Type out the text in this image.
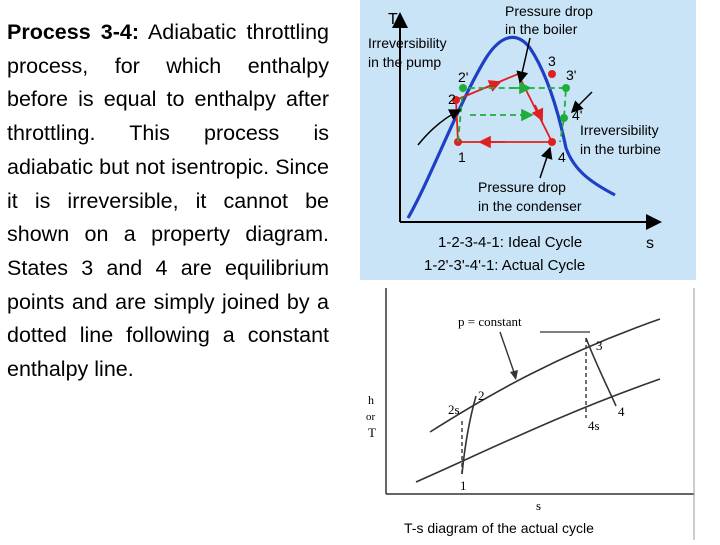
Process 3-4: Adiabatic throttling process, for which enthalpy before is equal to enthalpy after throttling. This process is adiabatic but not isentropic. Since it is irreversible, it cannot be shown on a property diagram. States 3 and 4 are equilibrium points and are simply joined by a dotted line following a constant enthalpy line.
T
s
1
2
2'
3
3'
4
4'
Pressure drop
in the boiler
Irreversibility
in the pump
Irreversibility
in the turbine
Pressure drop
in the condenser
1-2-3-4-1: Ideal Cycle
1-2'-3'-4'-1: Actual Cycle
p = constant
h
or
T
s
1
2
2s
3
4
4s
T-s diagram of the actual cycle
